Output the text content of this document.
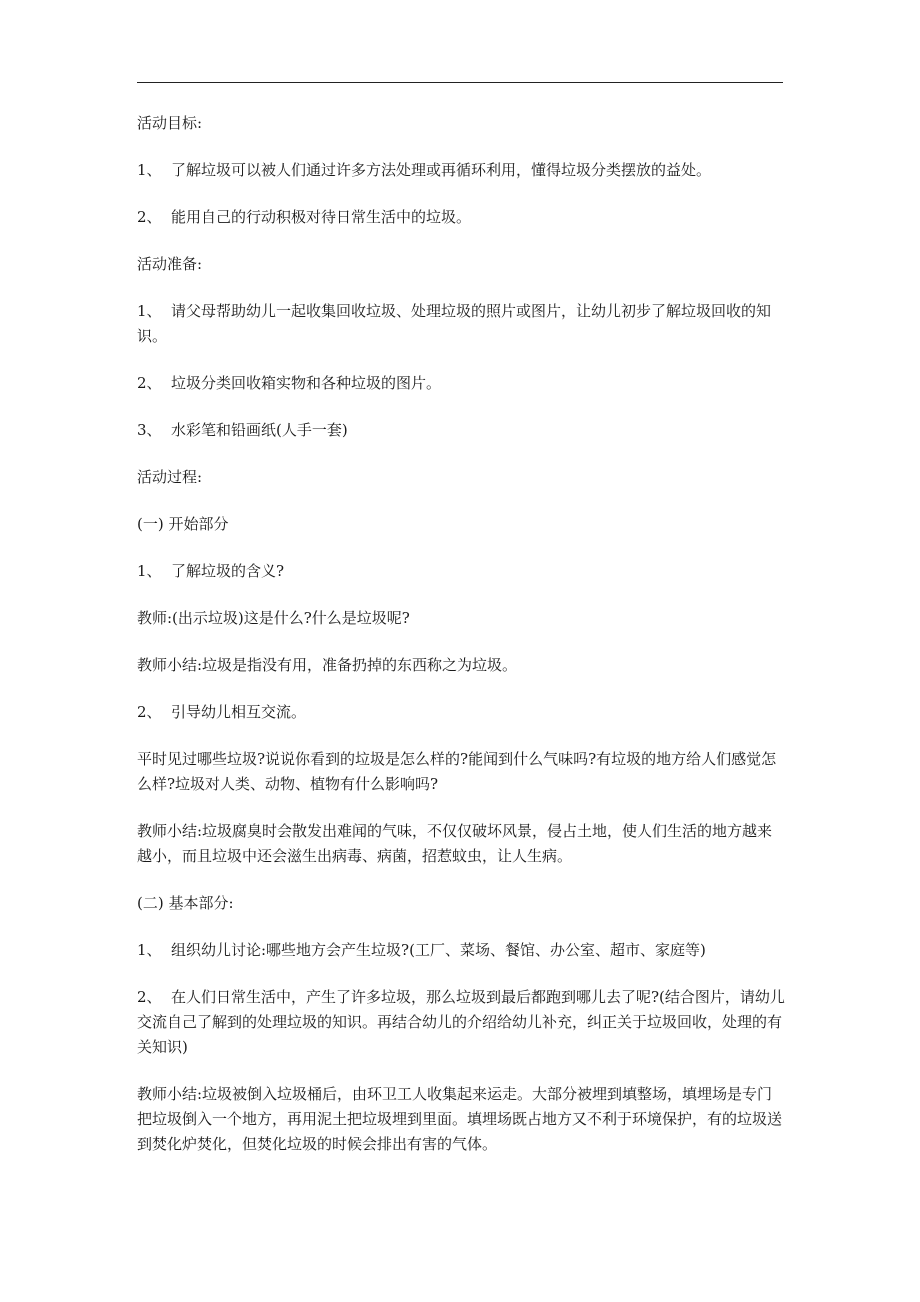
活动目标:

1、 了解垃圾可以被人们通过许多方法处理或再循环利用，懂得垃圾分类摆放的益处。

2、 能用自己的行动积极对待日常生活中的垃圾。

活动准备:

1、 请父母帮助幼儿一起收集回收垃圾、处理垃圾的照片或图片，让幼儿初步了解垃圾回收的知识。

2、 垃圾分类回收箱实物和各种垃圾的图片。

3、 水彩笔和铅画纸(人手一套)

活动过程:

(一) 开始部分

1、 了解垃圾的含义?

教师:(出示垃圾)这是什么?什么是垃圾呢?

教师小结:垃圾是指没有用，准备扔掉的东西称之为垃圾。

2、 引导幼儿相互交流。

平时见过哪些垃圾?说说你看到的垃圾是怎么样的?能闻到什么气味吗?有垃圾的地方给人们感觉怎么样?垃圾对人类、动物、植物有什么影响吗?

教师小结:垃圾腐臭时会散发出难闻的气味，不仅仅破坏风景，侵占土地，使人们生活的地方越来越小，而且垃圾中还会滋生出病毒、病菌，招惹蚊虫，让人生病。

(二) 基本部分:

1、 组织幼儿讨论:哪些地方会产生垃圾?(工厂、菜场、餐馆、办公室、超市、家庭等)

2、 在人们日常生活中，产生了许多垃圾，那么垃圾到最后都跑到哪儿去了呢?(结合图片，请幼儿交流自己了解到的处理垃圾的知识。再结合幼儿的介绍给幼儿补充，纠正关于垃圾回收，处理的有关知识)

教师小结:垃圾被倒入垃圾桶后，由环卫工人收集起来运走。大部分被埋到填整场，填埋场是专门把垃圾倒入一个地方，再用泥土把垃圾埋到里面。填埋场既占地方又不利于环境保护，有的垃圾送到焚化炉焚化，但焚化垃圾的时候会排出有害的气体。
